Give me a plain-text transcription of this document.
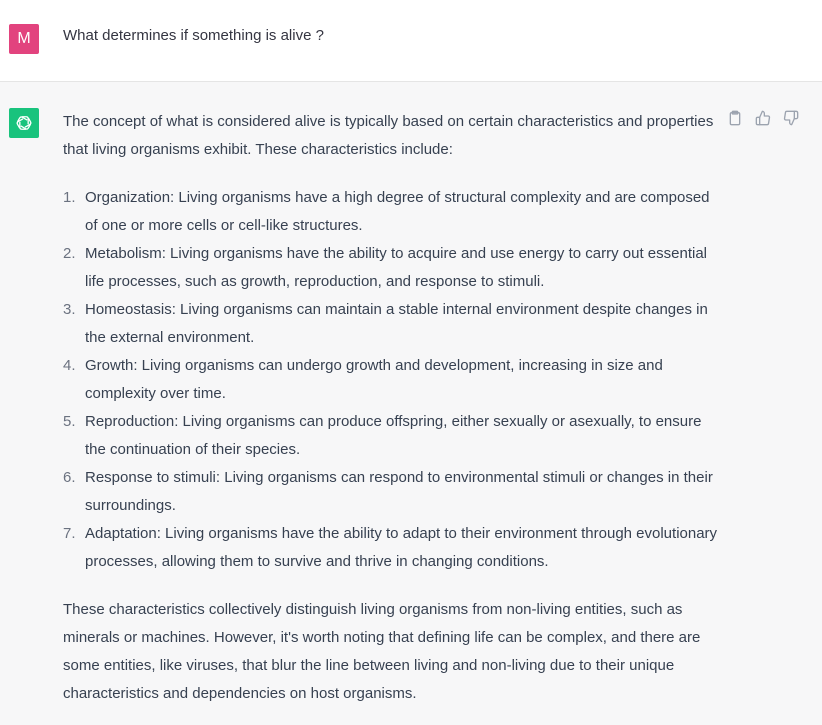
M	What determines if something is alive ?

The concept of what is considered alive is typically based on certain characteristics and properties that living organisms exhibit. These characteristics include:

1. Organization: Living organisms have a high degree of structural complexity and are composed of one or more cells or cell-like structures.
2. Metabolism: Living organisms have the ability to acquire and use energy to carry out essential life processes, such as growth, reproduction, and response to stimuli.
3. Homeostasis: Living organisms can maintain a stable internal environment despite changes in the external environment.
4. Growth: Living organisms can undergo growth and development, increasing in size and complexity over time.
5. Reproduction: Living organisms can produce offspring, either sexually or asexually, to ensure the continuation of their species.
6. Response to stimuli: Living organisms can respond to environmental stimuli or changes in their surroundings.
7. Adaptation: Living organisms have the ability to adapt to their environment through evolutionary processes, allowing them to survive and thrive in changing conditions.

These characteristics collectively distinguish living organisms from non-living entities, such as minerals or machines. However, it's worth noting that defining life can be complex, and there are some entities, like viruses, that blur the line between living and non-living due to their unique characteristics and dependencies on host organisms.
